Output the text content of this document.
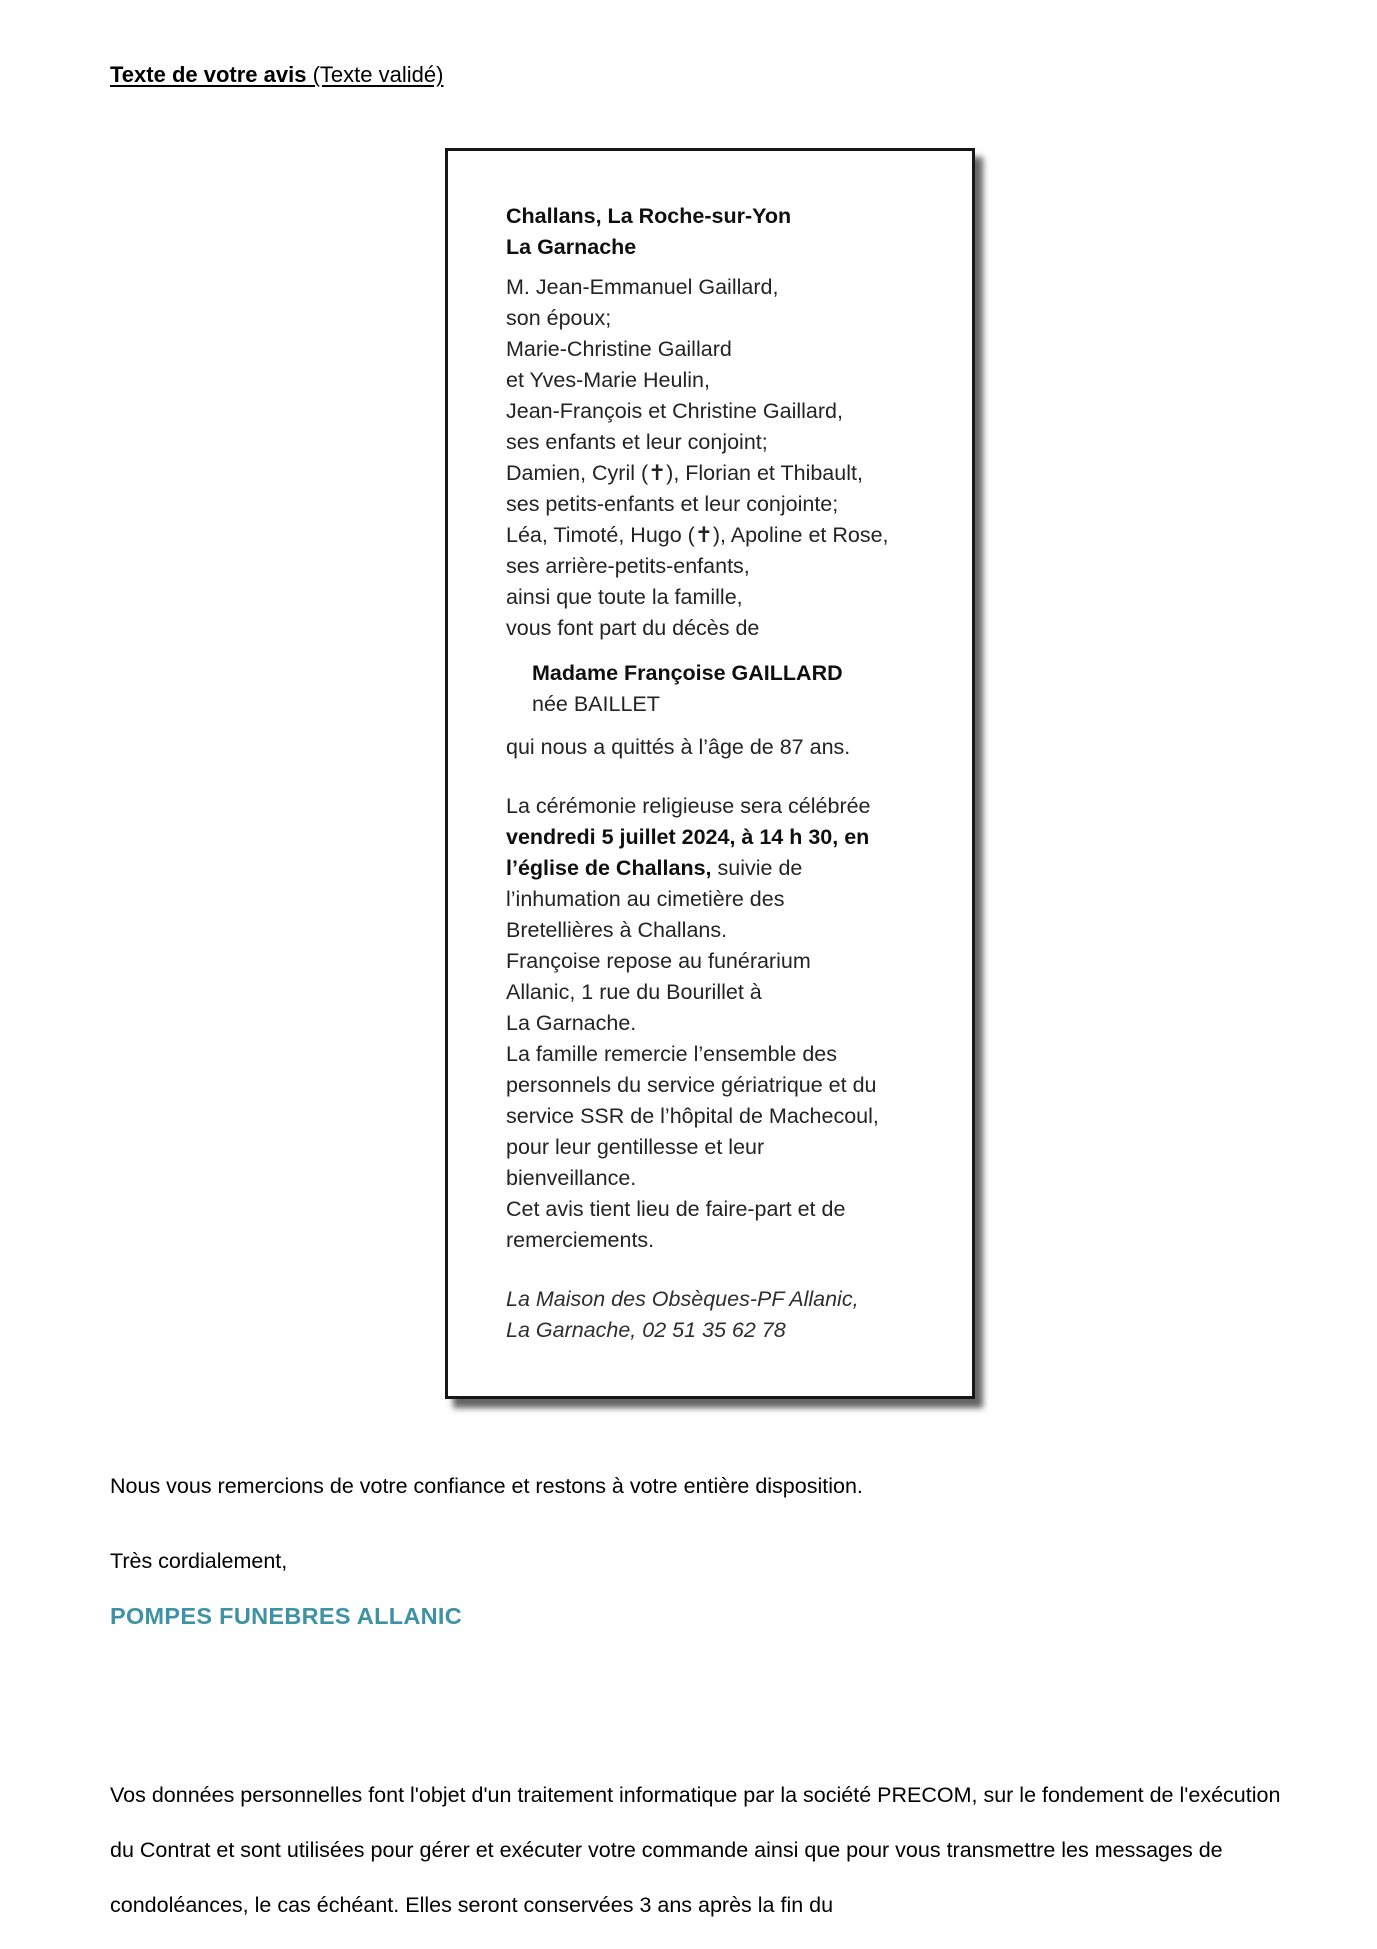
Texte de votre avis (Texte validé)
Challans, La Roche-sur-Yon
La Garnache
M. Jean-Emmanuel Gaillard,
son époux;
Marie-Christine Gaillard
et Yves-Marie Heulin,
Jean-François et Christine Gaillard,
ses enfants et leur conjoint;
Damien, Cyril (✝), Florian et Thibault,
ses petits-enfants et leur conjointe;
Léa, Timoté, Hugo (✝), Apoline et Rose,
ses arrière-petits-enfants,
ainsi que toute la famille,
vous font part du décès de
Madame Françoise GAILLARD
née BAILLET
qui nous a quittés à l’âge de 87 ans.
La cérémonie religieuse sera célébrée
vendredi 5 juillet 2024, à 14 h 30, en
l’église de Challans, suivie de
l’inhumation au cimetière des
Bretellières à Challans.
Françoise repose au funérarium
Allanic, 1 rue du Bourillet à
La Garnache.
La famille remercie l’ensemble des
personnels du service gériatrique et du
service SSR de l’hôpital de Machecoul,
pour leur gentillesse et leur
bienveillance.
Cet avis tient lieu de faire-part et de
remerciements.
La Maison des Obsèques-PF Allanic,
La Garnache, 02 51 35 62 78
Nous vous remercions de votre confiance et restons à votre entière disposition.
Très cordialement,
POMPES FUNEBRES ALLANIC
Vos données personnelles font l'objet d'un traitement informatique par la société PRECOM, sur le fondement de l'exécution du Contrat et sont utilisées pour gérer et exécuter votre commande ainsi que pour vous transmettre les messages de condoléances, le cas échéant. Elles seront conservées 3 ans après la fin du
